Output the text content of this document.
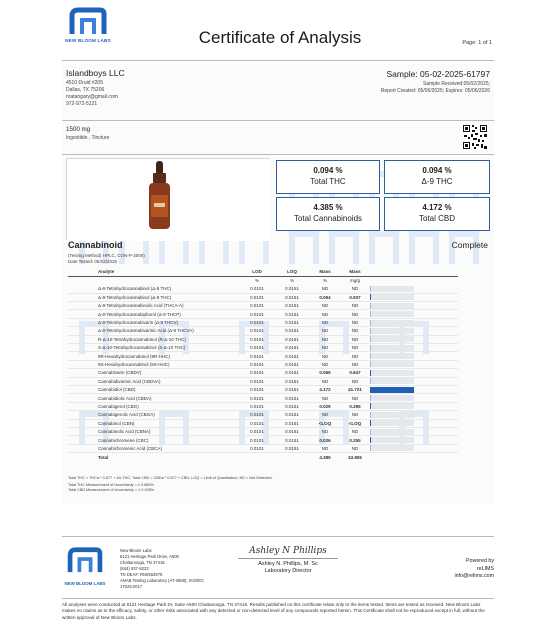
NEW BLOOM LABS	Certificate of Analysis	Page: 1 of 1
Islandboys LLC
4510 Druid #205
Dallas, TX 75206
roatangary@gmail.com
972-972-5121
Sample: 05-02-2025-61797
Sample Received:05/02/2025;
Report Created: 05/06/2025; Expires: 05/06/2026
1500 mg
Ingestible , Tincture
0.094 %
Total THC
0.094 %
Δ-9 THC
4.385 %
Total Cannabinoids
4.172 %
Total CBD
Cannabinoid	Complete
(Testing Method) HPLC, CON-P-3000)
Date Tested: 05/02/2025
Analyte	LOD	LOQ	Mass	Mass	
	%	%	%	mg/g	
Δ-8-Tetrahydrocannabinol (Δ-8 THC)	0.0101	0.0151	ND	ND	

Δ-9-Tetrahydrocannabinol (Δ-9 THC)	0.0101	0.0151	0.094	0.937	

Δ-9-Tetrahydrocannabinolic Acid (THCA-A)	0.0101	0.0151	ND	ND	

Δ-9-Tetrahydrocannabiphorol (Δ-9 THCP)	0.0101	0.0151	ND	ND	

Δ-9-Tetrahydrocannabivarin (Δ-9 THCV)	0.0101	0.0151	ND	ND	

Δ-9-Tetrahydrocannabivarinic Acid (Δ-9 THCVA)	0.0101	0.0151	ND	ND	

R-Δ-10-Tetrahydrocannabinol (R-Δ-10 THC)	0.0101	0.0151	ND	ND	

S-Δ-10-Tetrahydrocannabinol (S-Δ-10 THC)	0.0101	0.0151	ND	ND	

9R-Hexahydrocannabinol (9R-HHC)	0.0101	0.0151	ND	ND	

9S-Hexahydrocannabinol (9S-HHC)	0.0101	0.0151	ND	ND	

Cannabivarin (CBDV)	0.0101	0.0151	0.065	0.647	

Cannabidivarinic Acid (CBDVA)	0.0101	0.0151	ND	ND	

Cannabidiol (CBD)	0.0101	0.0151	4.172	41.721	

Cannabidiolic Acid (CBDA)	0.0101	0.0151	ND	ND	

Cannabigerol (CBG)	0.0101	0.0151	0.029	0.295	

Cannabigerolic Acid (CBGA)	0.0101	0.0151	ND	ND	

Cannabinol (CBN)	0.0101	0.0151	<LOQ	<LOQ	

Cannabinolic Acid (CBNA)	0.0101	0.0151	ND	ND	

Cannabichromene (CBC)	0.0101	0.0151	0.026	0.255	

Cannabichromenic Acid (CBCA)	0.0101	0.0151	ND	ND	

Total			4.385	43.855	
Total THC = THCa * 0.877 + Δ9-THC; Total CBD = CBDa * 0.877 + CBD; LOQ = Limit of Quantitation; ND = Not Detected.
Total THC Measurement of Uncertainty = ± 0.869%
Total CBD Measurement of Uncertainty = ± 2.005%
NEW BLOOM LABS
New Bloom Labs
6121 Heritage Park Drive, A500
Chattanooga, TN 37416
(844) 837-8223
TN DEA#: RN0563975
ANAB Testing Laboratory (AT-2868); ISO/IEC
17025:2017
Ashley N Phillips
Ashley N. Phillips, M. Sc
Laboratory Director
Powered by
reLIMS
info@relims.com
All analyses were conducted at 6121 Heritage Park Dr, Suite A500 Chattanooga, TN 37416. Results published on this certificate relate only to the items tested. Items are tested as received. New Bloom Labs makes no claims as to the efficacy, safety, or other risks associated with any detected or non-detected level of any compounds reported herein. This Certificate shall not be reproduced except in full, without the written approval of New Bloom Labs.
